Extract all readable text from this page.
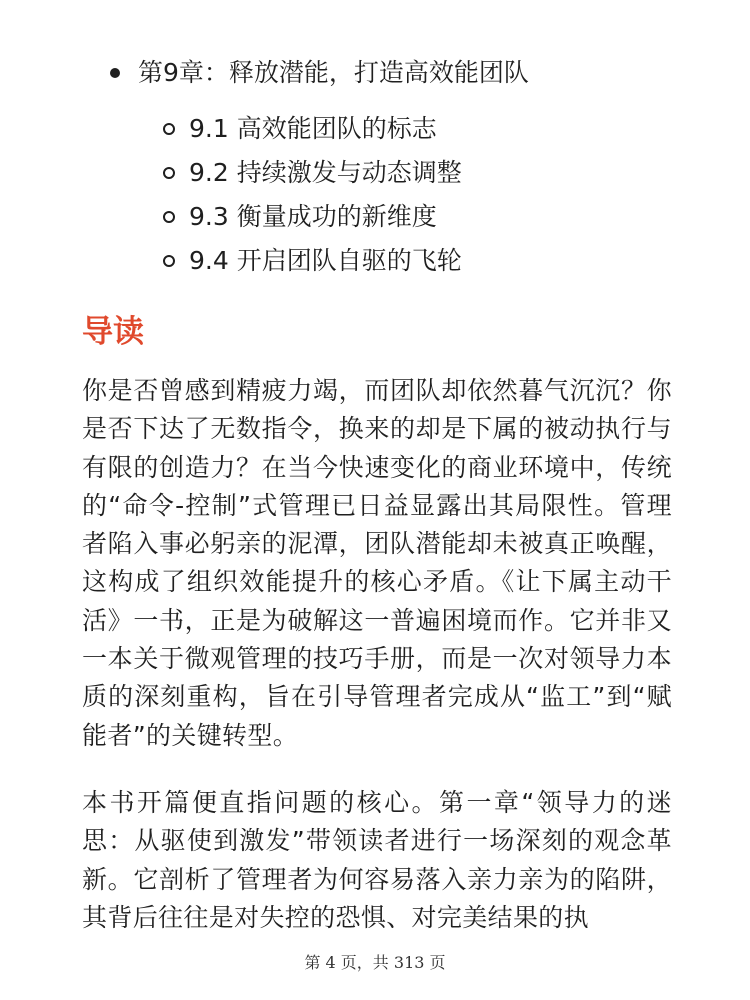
第9章：释放潜能，打造高效能团队
9.1 高效能团队的标志
9.2 持续激发与动态调整
9.3 衡量成功的新维度
9.4 开启团队自驱的飞轮
导读

你是否曾感到精疲力竭，而团队却依然暮气沉沉？你是否下达了无数指令，换来的却是下属的被动执行与有限的创造力？在当今快速变化的商业环境中，传统的“命令-控制”式管理已日益显露出其局限性。管理者陷入事必躬亲的泥潭，团队潜能却未被真正唤醒，这构成了组织效能提升的核心矛盾。《让下属主动干活》一书，正是为破解这一普遍困境而作。它并非又一本关于微观管理的技巧手册，而是一次对领导力本质的深刻重构，旨在引导管理者完成从“监工”到“赋能者”的关键转型。

本书开篇便直指问题的核心。第一章“领导力的迷思：从驱使到激发”带领读者进行一场深刻的观念革新。它剖析了管理者为何容易落入亲力亲为的陷阱，其背后往往是对失控的恐惧、对完美结果的执

第 4 页，共 313 页
